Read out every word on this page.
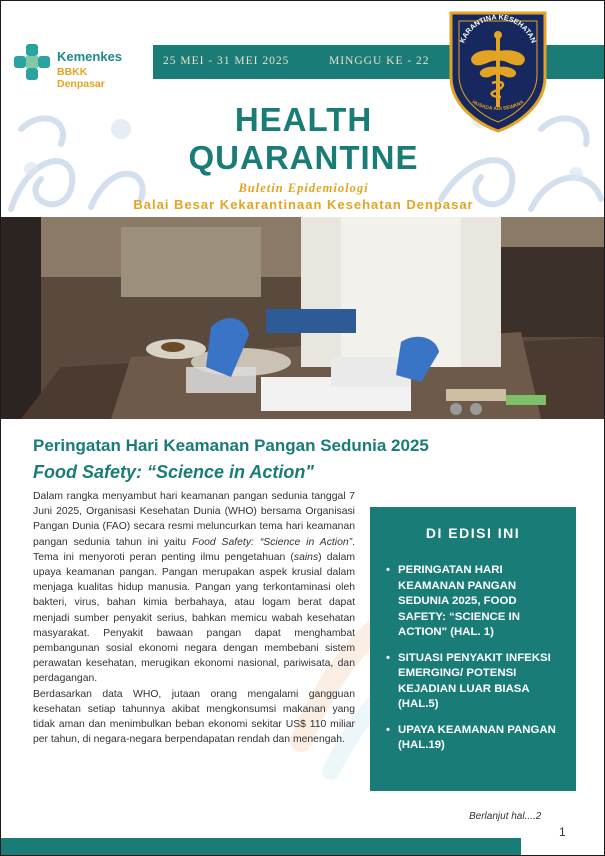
Kemenkes
BBKK Denpasar
25 MEI - 31 MEI 2025	MINGGU KE - 22
KARANTINA KESEHATAN
HUSADA ADI SEWANA
HEALTH
QUARANTINE
Buletin Epidemiologi
Balai Besar Kekarantinaan Kesehatan Denpasar
Peringatan Hari Keamanan Pangan Sedunia 2025
Food Safety: “Science in Action"

Dalam rangka menyambut hari keamanan pangan sedunia tanggal 7 Juni 2025, Organisasi Kesehatan Dunia (WHO) bersama Organisasi Pangan Dunia (FAO) secara resmi meluncurkan tema hari keamanan pangan sedunia tahun ini yaitu Food Safety: “Science in Action”. Tema ini menyoroti peran penting ilmu pengetahuan (sains) dalam upaya keamanan pangan. Pangan merupakan aspek krusial dalam menjaga kualitas hidup manusia. Pangan yang terkontaminasi oleh bakteri, virus, bahan kimia berbahaya, atau logam berat dapat menjadi sumber penyakit serius, bahkan memicu wabah kesehatan masyarakat. Penyakit bawaan pangan dapat menghambat pembangunan sosial ekonomi negara dengan membebani sistem perawatan kesehatan, merugikan ekonomi nasional, pariwisata, dan perdagangan.

Berdasarkan data WHO, jutaan orang mengalami gangguan kesehatan setiap tahunnya akibat mengkonsumsi makanan yang tidak aman dan menimbulkan beban ekonomi sekitar US$ 110 miliar per tahun, di negara-negara berpendapatan rendah dan menengah.

DI EDISI INI
• PERINGATAN HARI KEAMANAN PANGAN SEDUNIA 2025, FOOD SAFETY: “SCIENCE IN ACTION" (HAL. 1)
• SITUASI PENYAKIT INFEKSI EMERGING/ POTENSI KEJADIAN LUAR BIASA (HAL.5)
• UPAYA KEAMANAN PANGAN (HAL.19)
Berlanjut hal....2
1
